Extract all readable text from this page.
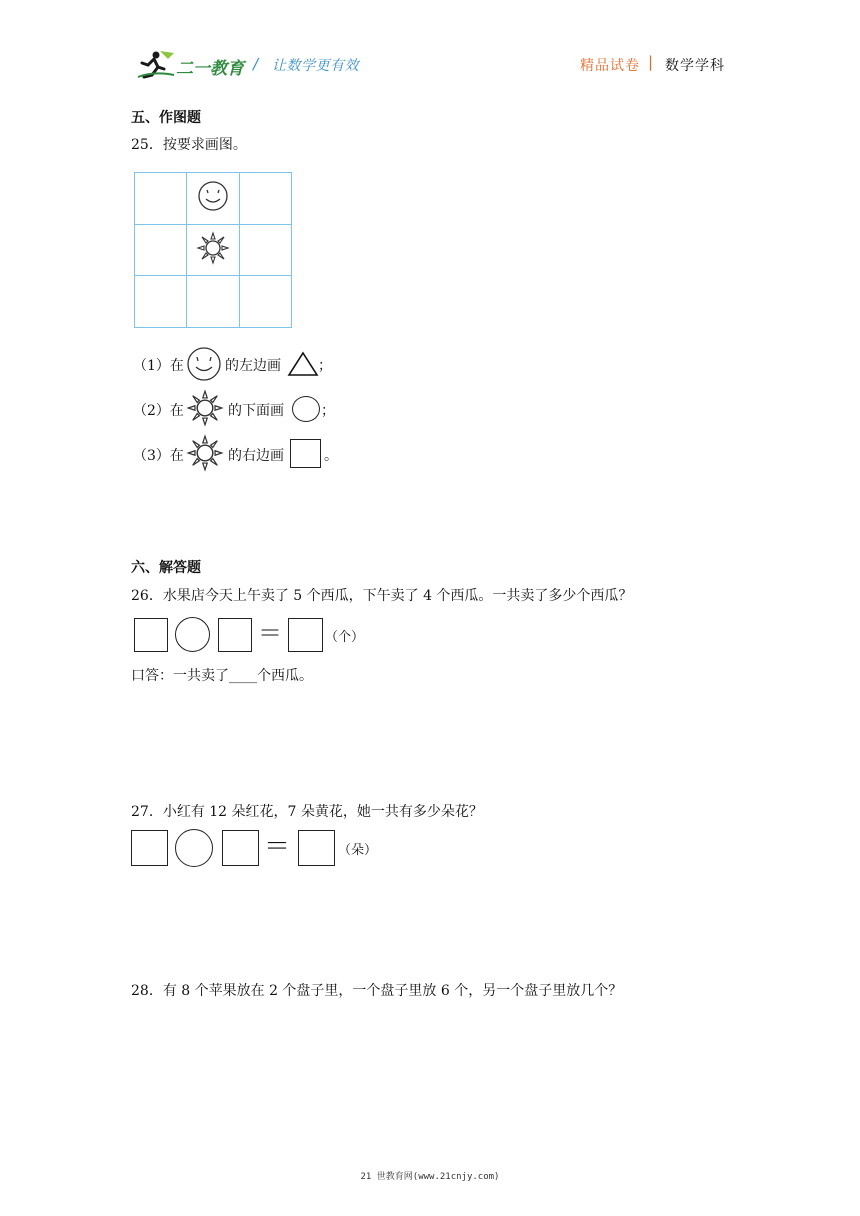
二一教育 / 让数学更有效	精品试卷 | 数学学科
五、作图题
25．按要求画图。

（1）在	的左边画	；
（2）在	的下面画	；
（3）在	的右边画	。
六、解答题
26．水果店今天上午卖了 5 个西瓜，下午卖了 4 个西瓜。一共卖了多少个西瓜？
＝	（个）
口答：一共卖了____个西瓜。
27．小红有 12 朵红花，7 朵黄花，她一共有多少朵花？
＝	（朵）
28．有 8 个苹果放在 2 个盘子里，一个盘子里放 6 个，另一个盘子里放几个？
21 世教育网(www.21cnjy.com)
